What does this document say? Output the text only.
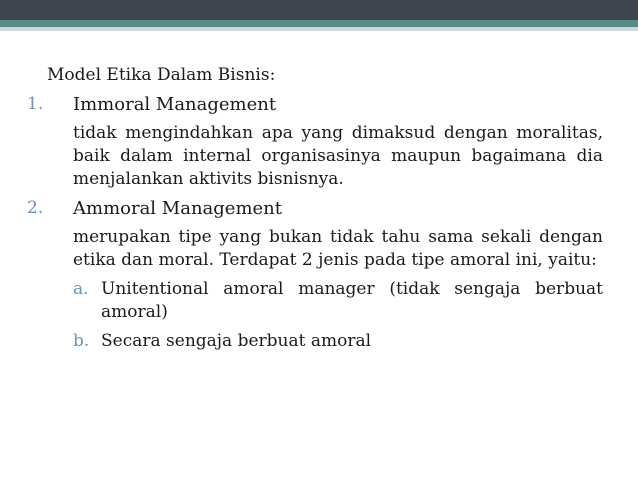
Model Etika Dalam Bisnis:
1. Immoral Management

tidak mengindahkan apa yang dimaksud dengan moralitas, baik dalam internal organisasinya maupun bagaimana dia menjalankan aktivits bisnisnya.

2. Ammoral Management

merupakan tipe yang bukan tidak tahu sama sekali dengan etika dan moral. Terdapat 2 jenis pada tipe amoral ini, yaitu:

a. Unitentional amoral manager (tidak sengaja berbuat amoral)

b. Secara sengaja berbuat amoral
